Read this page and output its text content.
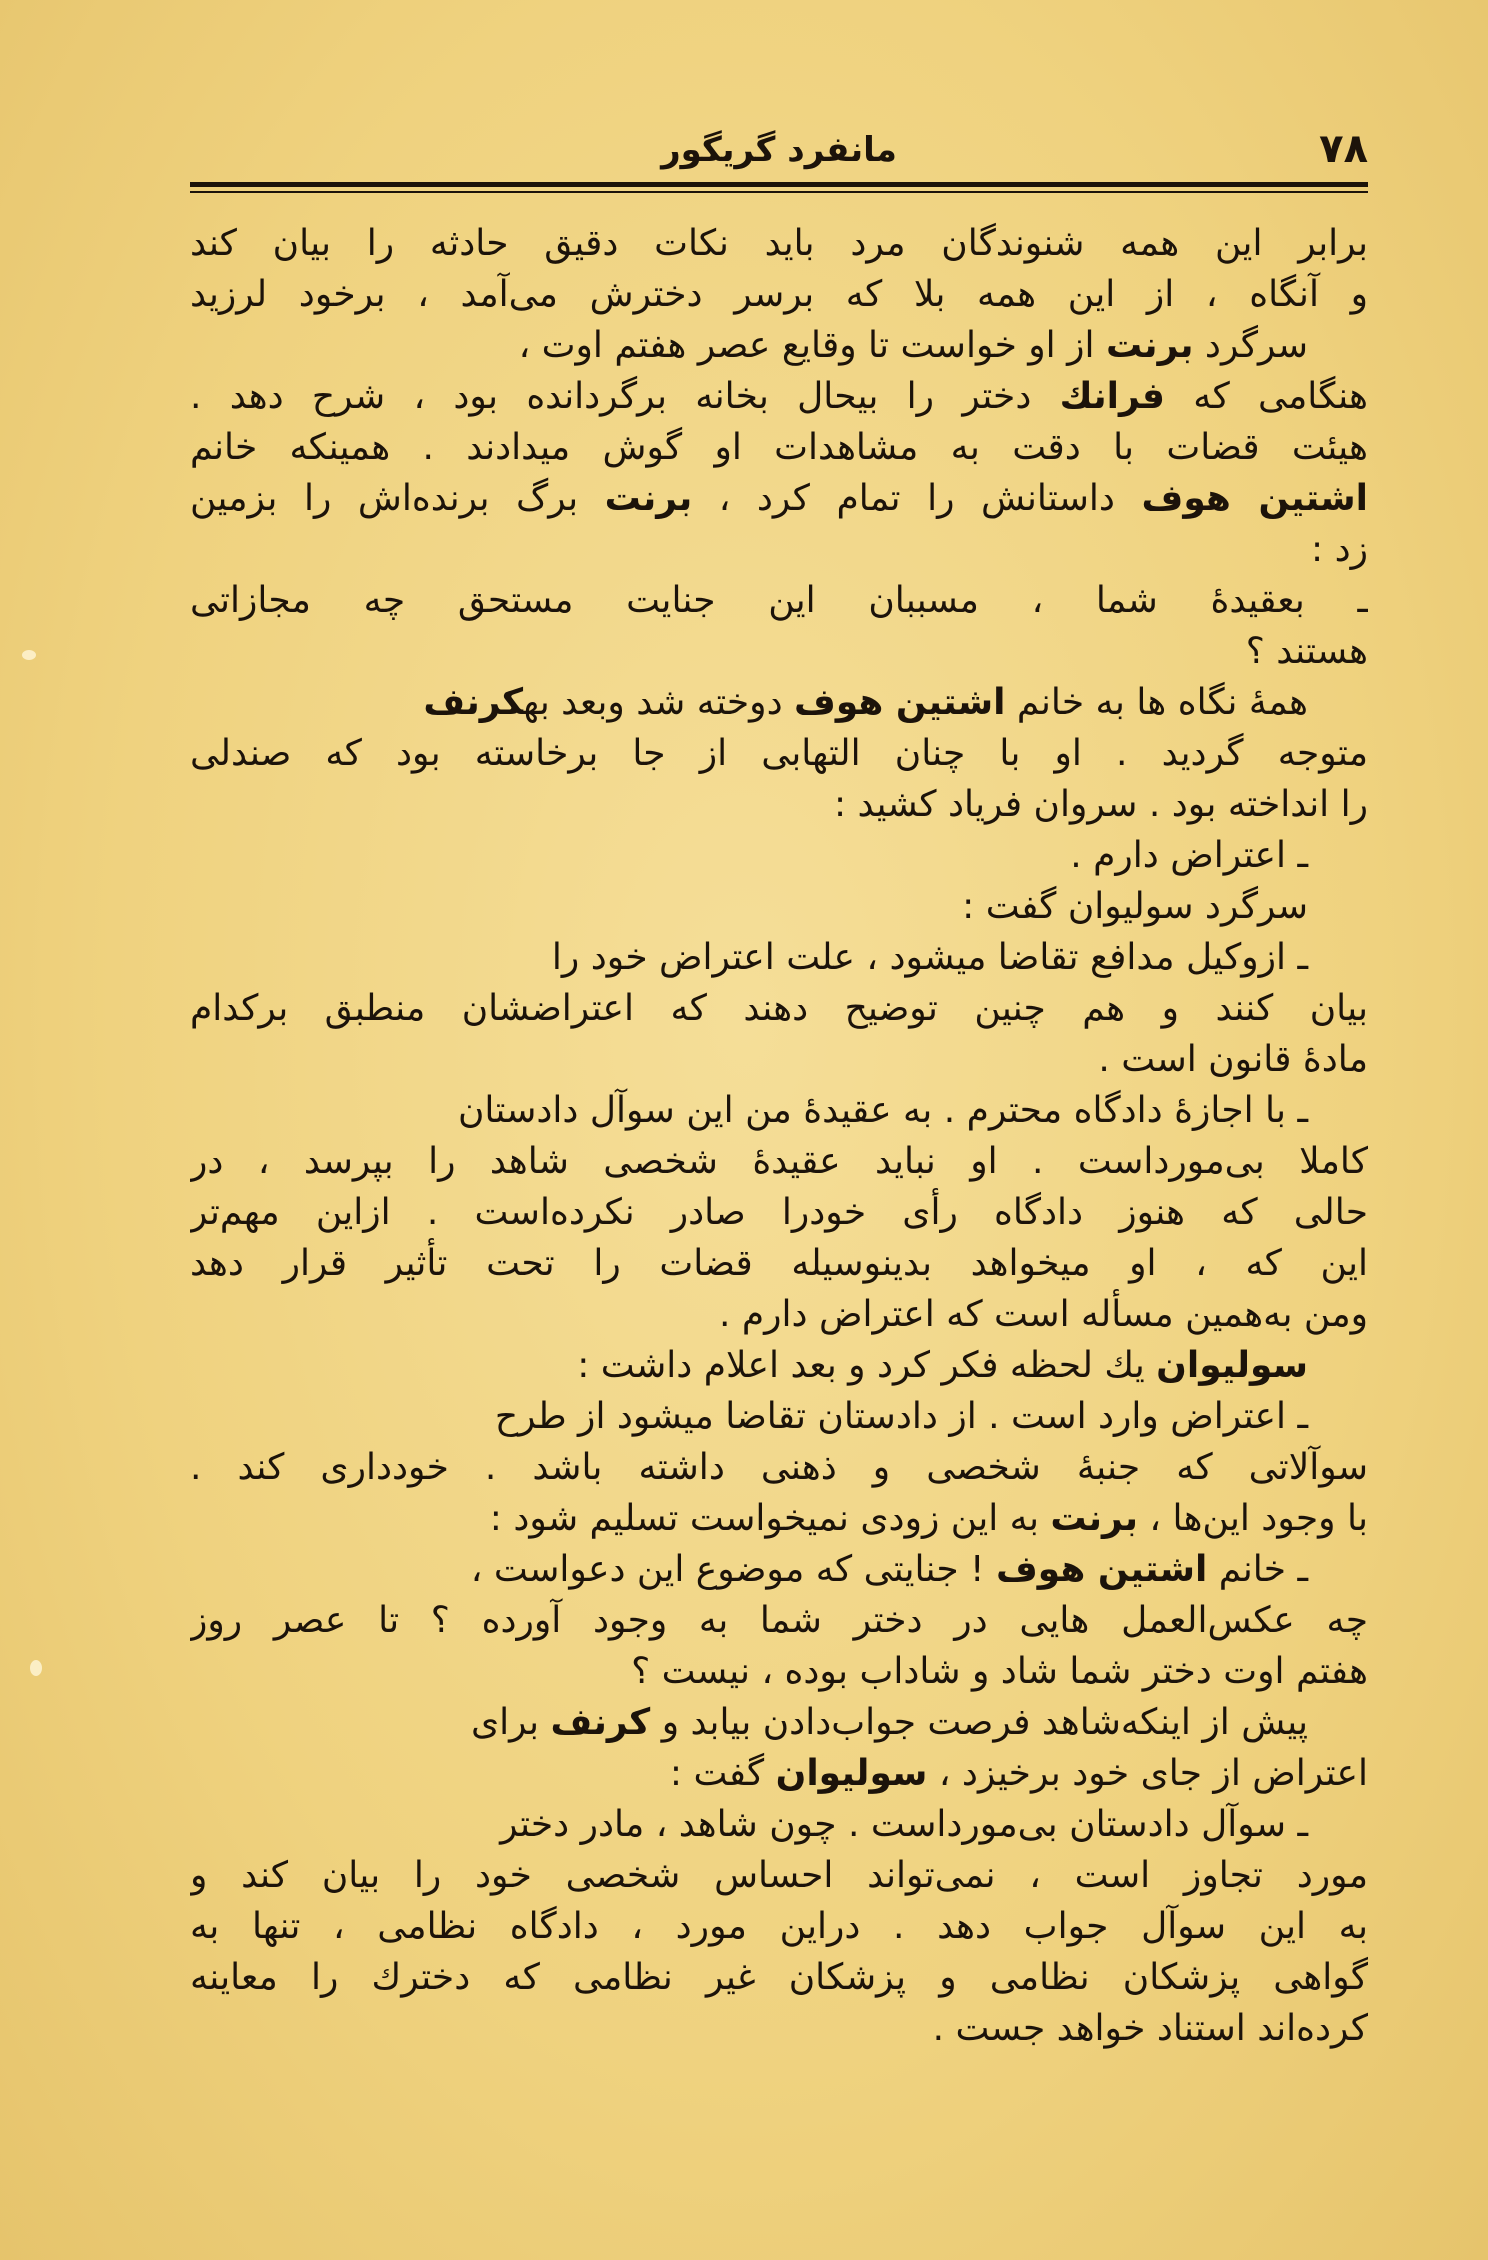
۷۸
مانفرد گریگور
برابر این همه شنوندگان مرد باید نکات دقیق حادثه را بیان کند
و آنگاه ، از این همه بلا که برسر دخترش می‌آمد ، برخود لرزید
سرگرد برنت از او خواست تا وقایع عصر هفتم اوت ،
هنگامی که فرانك دختر را بیحال بخانه برگردانده بود ، شرح دهد .
هیئت قضات با دقت به مشاهدات او گوش میدادند . همینکه خانم
اشتین هوف داستانش را تمام کرد ، برنت برگ برنده‌اش را بزمین
زد :
ـ بعقیدهٔ شما ، مسببان این جنایت مستحق چه مجازاتی
هستند ؟
همهٔ نگاه ها به خانم اشتین هوف دوخته شد وبعد بهکرنف
متوجه گردید . او با چنان التهابی از جا برخاسته بود که صندلی
را انداخته بود . سروان فریاد کشید :
ـ اعتراض دارم .
سرگرد سولیوان گفت :
ـ ازوکیل مدافع تقاضا میشود ، علت اعتراض خود را
بیان کنند و هم چنین توضیح دهند که اعتراضشان منطبق برکدام
مادهٔ قانون است .
ـ با اجازهٔ دادگاه محترم . به عقیدهٔ من این سوآل دادستان
کاملا بی‌مورداست . او نباید عقیدهٔ شخصی شاهد را بپرسد ، در
حالی که هنوز دادگاه رأی خودرا صادر نکرده‌است . ازاین مهم‌تر
این که ، او میخواهد بدینوسیله قضات را تحت تأثیر قرار دهد
ومن به‌همین مسأله است که اعتراض دارم .
سولیوان یك لحظه فکر کرد و بعد اعلام داشت :
ـ اعتراض وارد است . از دادستان تقاضا میشود از طرح
سوآلاتی که جنبهٔ شخصی و ذهنی داشته باشد . خودداری کند .
با وجود این‌ها ، برنت به این زودی نمیخواست تسلیم شود :
ـ خانم اشتین هوف ! جنایتی که موضوع این دعواست ،
چه عکس‌العمل هایی در دختر شما به وجود آورده ؟ تا عصر روز
هفتم اوت دختر شما شاد و شاداب بوده ، نیست ؟
پیش از اینکه‌شاهد فرصت جواب‌دادن بیابد و کرنف برای
اعتراض از جای خود برخیزد ، سولیوان گفت :
ـ سوآل دادستان بی‌مورداست . چون شاهد ، مادر دختر
مورد تجاوز است ، نمی‌تواند احساس شخصی خود را بیان کند و
به این سوآل جواب دهد . دراین مورد ، دادگاه نظامی ، تنها به
گواهی پزشکان نظامی و پزشکان غیر نظامی که دخترك را معاینه
کرده‌اند استناد خواهد جست .
